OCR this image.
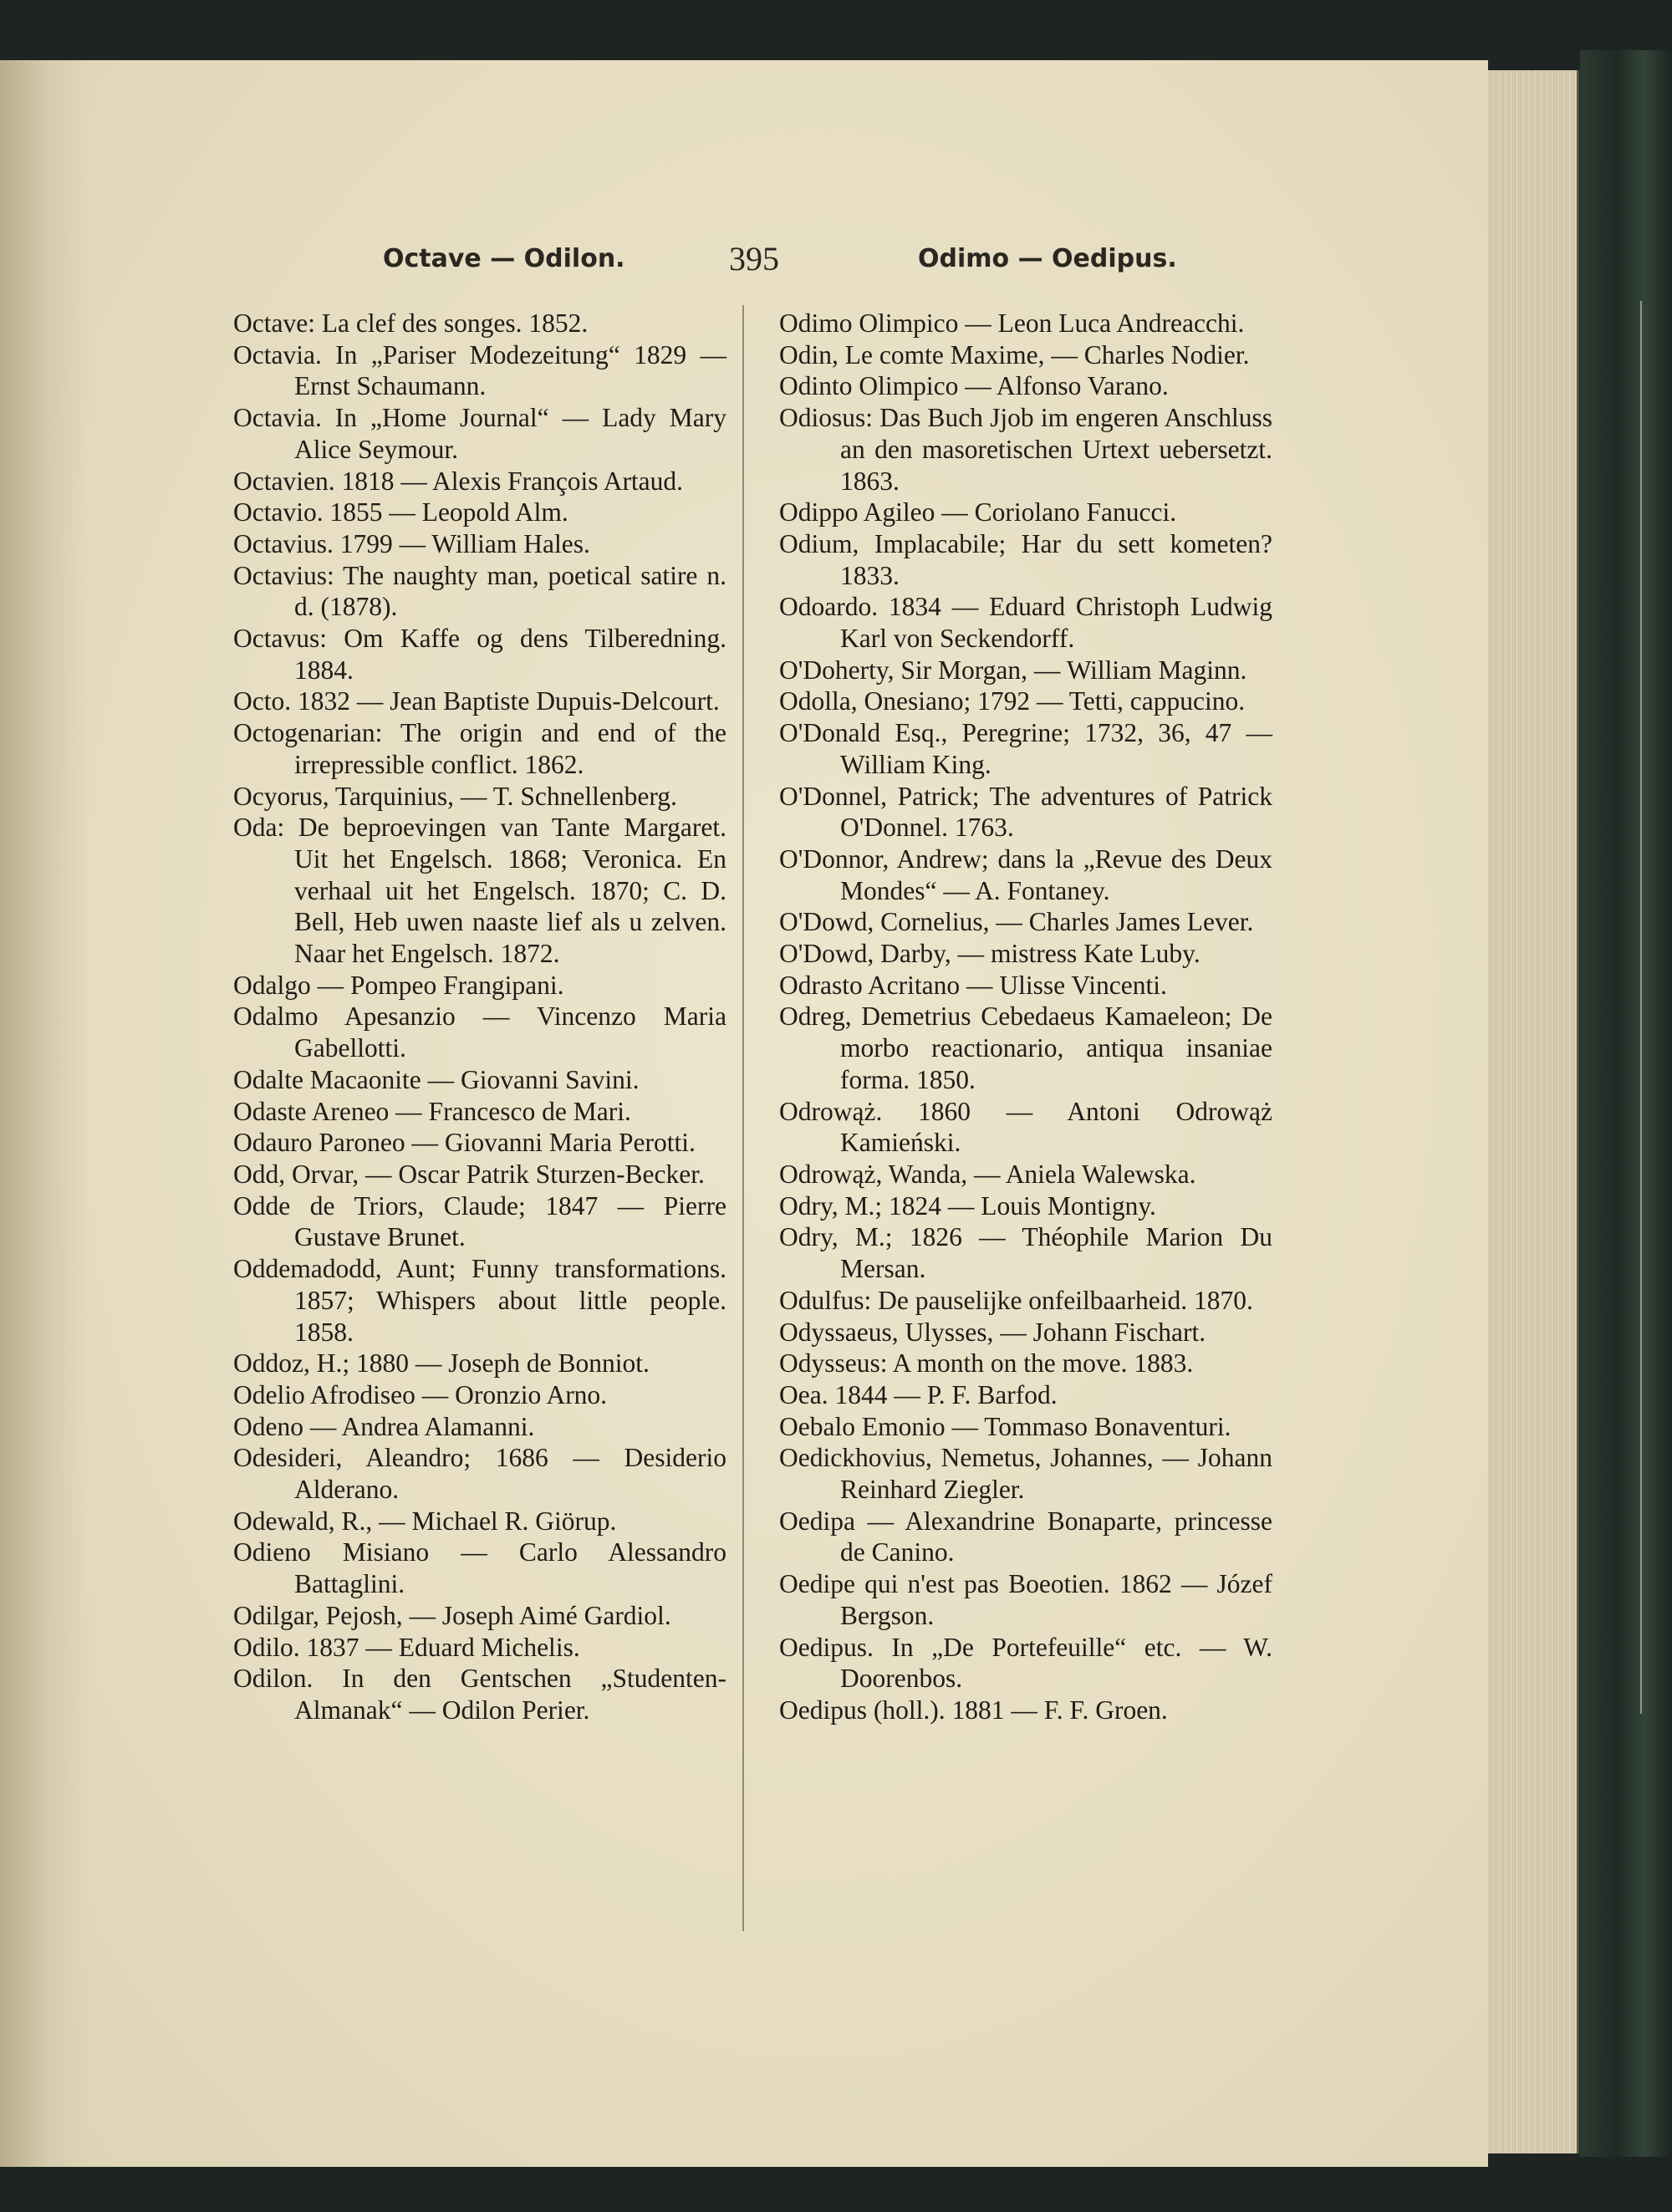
Octave — Odilon.	395	Odimo — Oedipus.
Octave: La clef des songes. 1852.
Octavia. In „Pariser Modezeitung“ 1829 — Ernst Schaumann.
Octavia. In „Home Journal“ — Lady Mary Alice Seymour.
Octavien. 1818 — Alexis François Artaud.
Octavio. 1855 — Leopold Alm.
Octavius. 1799 — William Hales.
Octavius: The naughty man, poetical satire n. d. (1878).
Octavus: Om Kaffe og dens Tilberedning. 1884.
Octo. 1832 — Jean Baptiste Dupuis-Delcourt.
Octogenarian: The origin and end of the irrepressible conflict. 1862.
Ocyorus, Tarquinius, — T. Schnellenberg.
Oda: De beproevingen van Tante Margaret. Uit het Engelsch. 1868; Veronica. En verhaal uit het Engelsch. 1870; C. D. Bell, Heb uwen naaste lief als u zelven. Naar het Engelsch. 1872.
Odalgo — Pompeo Frangipani.
Odalmo Apesanzio — Vincenzo Maria Gabellotti.
Odalte Macaonite — Giovanni Savini.
Odaste Areneo — Francesco de Mari.
Odauro Paroneo — Giovanni Maria Perotti.
Odd, Orvar, — Oscar Patrik Sturzen-Becker.
Odde de Triors, Claude; 1847 — Pierre Gustave Brunet.
Oddemadodd, Aunt; Funny transformations. 1857; Whispers about little people. 1858.
Oddoz, H.; 1880 — Joseph de Bonniot.
Odelio Afrodiseo — Oronzio Arno.
Odeno — Andrea Alamanni.
Odesideri, Aleandro; 1686 — Desiderio Alderano.
Odewald, R., — Michael R. Giörup.
Odieno Misiano — Carlo Alessandro Battaglini.
Odilgar, Pejosh, — Joseph Aimé Gardiol.
Odilo. 1837 — Eduard Michelis.
Odilon. In den Gentschen „Studenten-Almanak“ — Odilon Perier.
Odimo Olimpico — Leon Luca Andreacchi.
Odin, Le comte Maxime, — Charles Nodier.
Odinto Olimpico — Alfonso Varano.
Odiosus: Das Buch Jjob im engeren Anschluss an den masoretischen Urtext uebersetzt. 1863.
Odippo Agileo — Coriolano Fanucci.
Odium, Implacabile; Har du sett kometen? 1833.
Odoardo. 1834 — Eduard Christoph Ludwig Karl von Seckendorff.
O'Doherty, Sir Morgan, — William Maginn.
Odolla, Onesiano; 1792 — Tetti, cappucino.
O'Donald Esq., Peregrine; 1732, 36, 47 — William King.
O'Donnel, Patrick; The adventures of Patrick O'Donnel. 1763.
O'Donnor, Andrew; dans la „Revue des Deux Mondes“ — A. Fontaney.
O'Dowd, Cornelius, — Charles James Lever.
O'Dowd, Darby, — mistress Kate Luby.
Odrasto Acritano — Ulisse Vincenti.
Odreg, Demetrius Cebedaeus Kamaeleon; De morbo reactionario, antiqua insaniae forma. 1850.
Odrowąż. 1860 — Antoni Odrowąż Kamieński.
Odrowąż, Wanda, — Aniela Walewska.
Odry, M.; 1824 — Louis Montigny.
Odry, M.; 1826 — Théophile Marion Du Mersan.
Odulfus: De pauselijke onfeilbaarheid. 1870.
Odyssaeus, Ulysses, — Johann Fischart.
Odysseus: A month on the move. 1883.
Oea. 1844 — P. F. Barfod.
Oebalo Emonio — Tommaso Bonaventuri.
Oedickhovius, Nemetus, Johannes, — Johann Reinhard Ziegler.
Oedipa — Alexandrine Bonaparte, princesse de Canino.
Oedipe qui n'est pas Boeotien. 1862 — Józef Bergson.
Oedipus. In „De Portefeuille“ etc. — W. Doorenbos.
Oedipus (holl.). 1881 — F. F. Groen.
